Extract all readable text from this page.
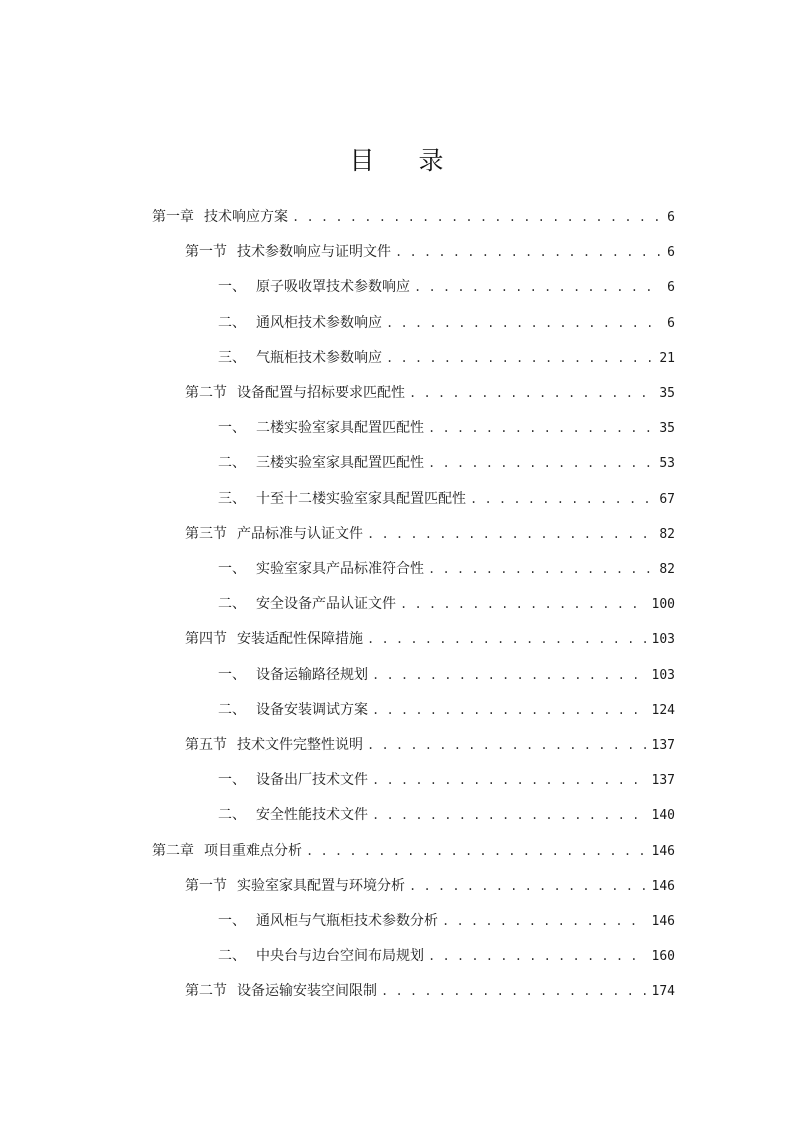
目 录
第一章 技术响应方案 . . .	6
第一节 技术参数响应与证明文件 . . .	6
一、 原子吸收罩技术参数响应 . . .	6
二、 通风柜技术参数响应 . . .	6
三、 气瓶柜技术参数响应 . . .	21
第二节 设备配置与招标要求匹配性 . . .	35
一、 二楼实验室家具配置匹配性 . . .	35
二、 三楼实验室家具配置匹配性 . . .	53
三、 十至十二楼实验室家具配置匹配性 . . .	67
第三节 产品标准与认证文件 . . .	82
一、 实验室家具产品标准符合性 . . .	82
二、 安全设备产品认证文件 . . .	100
第四节 安装适配性保障措施 . . .	103
一、 设备运输路径规划 . . .	103
二、 设备安装调试方案 . . .	124
第五节 技术文件完整性说明 . . .	137
一、 设备出厂技术文件 . . .	137
二、 安全性能技术文件 . . .	140
第二章 项目重难点分析 . . .	146
第一节 实验室家具配置与环境分析 . . .	146
一、 通风柜与气瓶柜技术参数分析 . . .	146
二、 中央台与边台空间布局规划 . . .	160
第二节 设备运输安装空间限制 . . .	174
